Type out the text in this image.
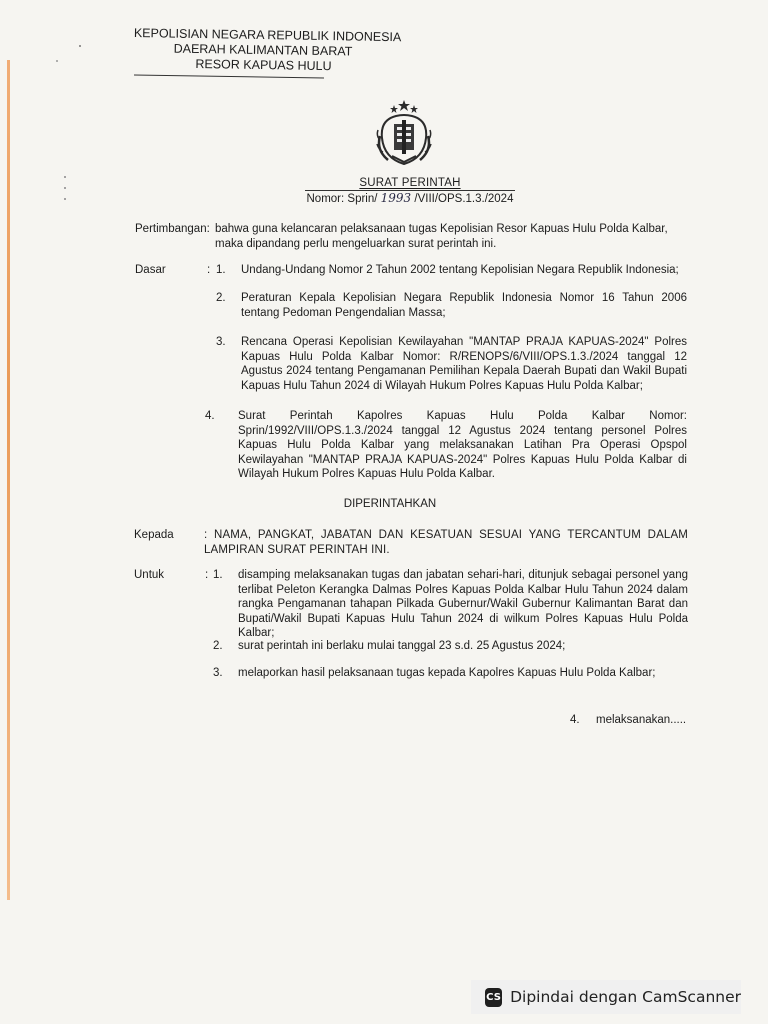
KEPOLISIAN NEGARA REPUBLIK INDONESIA
DAERAH KALIMANTAN BARAT
RESOR KAPUAS HULU
SURAT PERINTAH
Nomor: Sprin/ 1993 /VIII/OPS.1.3./2024
Pertimbangan: bahwa guna kelancaran pelaksanaan tugas Kepolisian Resor Kapuas Hulu Polda Kalbar, maka dipandang perlu mengeluarkan surat perintah ini.
Dasar	: 1. Undang-Undang Nomor 2 Tahun 2002 tentang Kepolisian Negara Republik Indonesia;
2. Peraturan Kepala Kepolisian Negara Republik Indonesia Nomor 16 Tahun 2006 tentang Pedoman Pengendalian Massa;
3. Rencana Operasi Kepolisian Kewilayahan "MANTAP PRAJA KAPUAS-2024" Polres Kapuas Hulu Polda Kalbar Nomor: R/RENOPS/6/VIII/OPS.1.3./2024 tanggal 12 Agustus 2024 tentang Pengamanan Pemilihan Kepala Daerah Bupati dan Wakil Bupati Kapuas Hulu Tahun 2024 di Wilayah Hukum Polres Kapuas Hulu Polda Kalbar;
4. Surat Perintah Kapolres Kapuas Hulu Polda Kalbar Nomor: Sprin/1992/VIII/OPS.1.3./2024 tanggal 12 Agustus 2024 tentang personel Polres Kapuas Hulu Polda Kalbar yang melaksanakan Latihan Pra Operasi Opspol Kewilayahan "MANTAP PRAJA KAPUAS-2024" Polres Kapuas Hulu Polda Kalbar di Wilayah Hukum Polres Kapuas Hulu Polda Kalbar.
DIPERINTAHKAN
Kepada	: NAMA, PANGKAT, JABATAN DAN KESATUAN SESUAI YANG TERCANTUM DALAM LAMPIRAN SURAT PERINTAH INI.
Untuk	: 1. disamping melaksanakan tugas dan jabatan sehari-hari, ditunjuk sebagai personel yang terlibat Peleton Kerangka Dalmas Polres Kapuas Polda Kalbar Hulu Tahun 2024 dalam rangka Pengamanan tahapan Pilkada Gubernur/Wakil Gubernur Kalimantan Barat dan Bupati/Wakil Bupati Kapuas Hulu Tahun 2024 di wilkum Polres Kapuas Hulu Polda Kalbar;
2. surat perintah ini berlaku mulai tanggal 23 s.d. 25 Agustus 2024;
3. melaporkan hasil pelaksanaan tugas kepada Kapolres Kapuas Hulu Polda Kalbar;
4. melaksanakan.....
CS Dipindai dengan CamScanner
